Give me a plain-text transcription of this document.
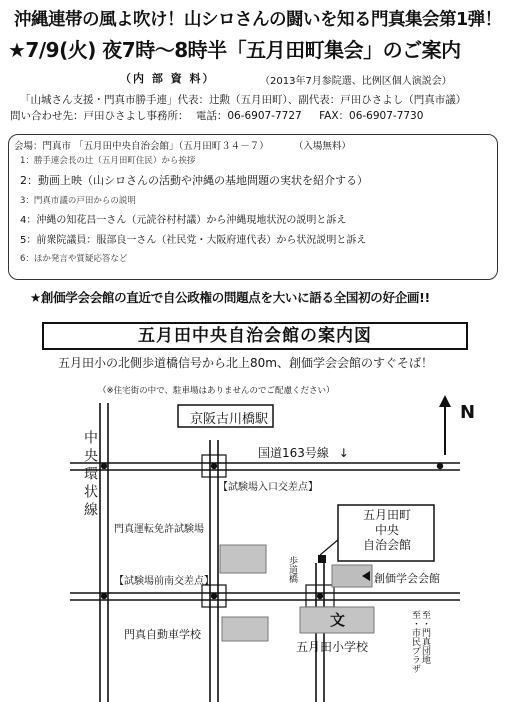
沖縄連帯の風よ吹け！山シロさんの闘いを知る門真集会第1弾！
★7/9(火) 夜7時～8時半「五月田町集会」のご案内
（内 部 資 料）	（2013年7月参院選、比例区個人演説会）
「山城さん支援・門真市勝手連」代表：辻勲（五月田町）、副代表：戸田ひさよし（門真市議）
問い合わせ先：戸田ひさよし事務所： 電話：06-6907-7727 FAX：06-6907-7730
会場：門真市 「五月田中央自治会館」（五月田町３４－７）	（入場無料）
1：勝手連会長の辻（五月田町住民）から挨拶
2：動画上映（山シロさんの活動や沖縄の基地問題の実状を紹介する）
3：門真市議の戸田からの説明
4：沖縄の知花昌一さん（元読谷村村議）から沖縄現地状況の説明と訴え
5：前衆院議員：服部良一さん（社民党・大阪府連代表）から状況説明と訴え
6：ほか発言や質疑応答など
★創価学会会館の直近で自公政権の問題点を大いに語る全国初の好企画!!
五月田中央自治会館の案内図
五月田小の北側歩道橋信号から北上80m、創価学会会館のすぐそば！
（※住宅街の中で、駐車場はありませんのでご配慮ください）
京阪古川橋駅
国道163号線 ↓
N
中央環状線	【試験場入口交差点】
門真運転免許試験場
【試験場前南交差点】
門真自動車学校
五月田町
中央
自治会館
歩道橋	創価学会会館
文
五月田小学校	至・門真団地
至・市民プラザ
